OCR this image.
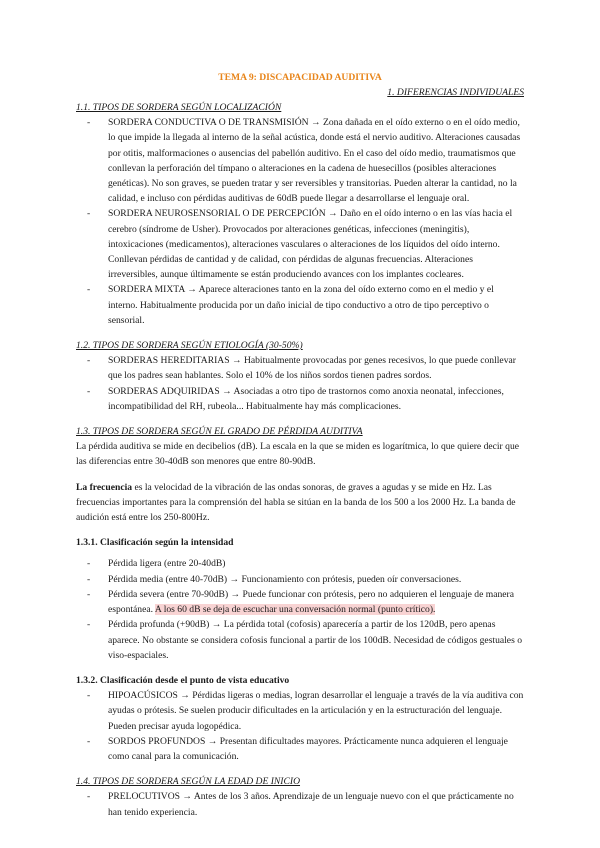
TEMA 9: DISCAPACIDAD AUDITIVA

1. DIFERENCIAS INDIVIDUALES

1.1. TIPOS DE SORDERA SEGÚN LOCALIZACIÓN

- SORDERA CONDUCTIVA O DE TRANSMISIÓN → Zona dañada en el oído externo o en el oído medio, lo que impide la llegada al interno de la señal acústica, donde está el nervio auditivo. Alteraciones causadas por otitis, malformaciones o ausencias del pabellón auditivo. En el caso del oído medio, traumatismos que conllevan la perforación del tímpano o alteraciones en la cadena de huesecillos (posibles alteraciones genéticas). No son graves, se pueden tratar y ser reversibles y transitorias. Pueden alterar la cantidad, no la calidad, e incluso con pérdidas auditivas de 60dB puede llegar a desarrollarse el lenguaje oral.
- SORDERA NEUROSENSORIAL O DE PERCEPCIÓN → Daño en el oído interno o en las vías hacia el cerebro (síndrome de Usher). Provocados por alteraciones genéticas, infecciones (meningitis), intoxicaciones (medicamentos), alteraciones vasculares o alteraciones de los líquidos del oído interno. Conllevan pérdidas de cantidad y de calidad, con pérdidas de algunas frecuencias. Alteraciones irreversibles, aunque últimamente se están produciendo avances con los implantes cocleares.
- SORDERA MIXTA → Aparece alteraciones tanto en la zona del oído externo como en el medio y el interno. Habitualmente producida por un daño inicial de tipo conductivo a otro de tipo perceptivo o sensorial.

1.2. TIPOS DE SORDERA SEGÚN ETIOLOGÍA (30-50%)

- SORDERAS HEREDITARIAS → Habitualmente provocadas por genes recesivos, lo que puede conllevar que los padres sean hablantes. Solo el 10% de los niños sordos tienen padres sordos.
- SORDERAS ADQUIRIDAS → Asociadas a otro tipo de trastornos como anoxia neonatal, infecciones, incompatibilidad del RH, rubeola... Habitualmente hay más complicaciones.

1.3. TIPOS DE SORDERA SEGÚN EL GRADO DE PÉRDIDA AUDITIVA

La pérdida auditiva se mide en decibelios (dB). La escala en la que se miden es logarítmica, lo que quiere decir que las diferencias entre 30-40dB son menores que entre 80-90dB.

La frecuencia es la velocidad de la vibración de las ondas sonoras, de graves a agudas y se mide en Hz. Las frecuencias importantes para la comprensión del habla se sitúan en la banda de los 500 a los 2000 Hz. La banda de audición está entre los 250-800Hz.

1.3.1. Clasificación según la intensidad

- Pérdida ligera (entre 20-40dB)
- Pérdida media (entre 40-70dB) → Funcionamiento con prótesis, pueden oír conversaciones.
- Pérdida severa (entre 70-90dB) → Puede funcionar con prótesis, pero no adquieren el lenguaje de manera espontánea. A los 60 dB se deja de escuchar una conversación normal (punto crítico).
- Pérdida profunda (+90dB) → La pérdida total (cofosis) aparecería a partir de los 120dB, pero apenas aparece. No obstante se considera cofosis funcional a partir de los 100dB. Necesidad de códigos gestuales o viso-espaciales.

1.3.2. Clasificación desde el punto de vista educativo

- HIPOACÚSICOS → Pérdidas ligeras o medias, logran desarrollar el lenguaje a través de la vía auditiva con ayudas o prótesis. Se suelen producir dificultades en la articulación y en la estructuración del lenguaje. Pueden precisar ayuda logopédica.
- SORDOS PROFUNDOS → Presentan dificultades mayores. Prácticamente nunca adquieren el lenguaje como canal para la comunicación.

1.4. TIPOS DE SORDERA SEGÚN LA EDAD DE INICIO

- PRELOCUTIVOS → Antes de los 3 años. Aprendizaje de un lenguaje nuevo con el que prácticamente no han tenido experiencia.
